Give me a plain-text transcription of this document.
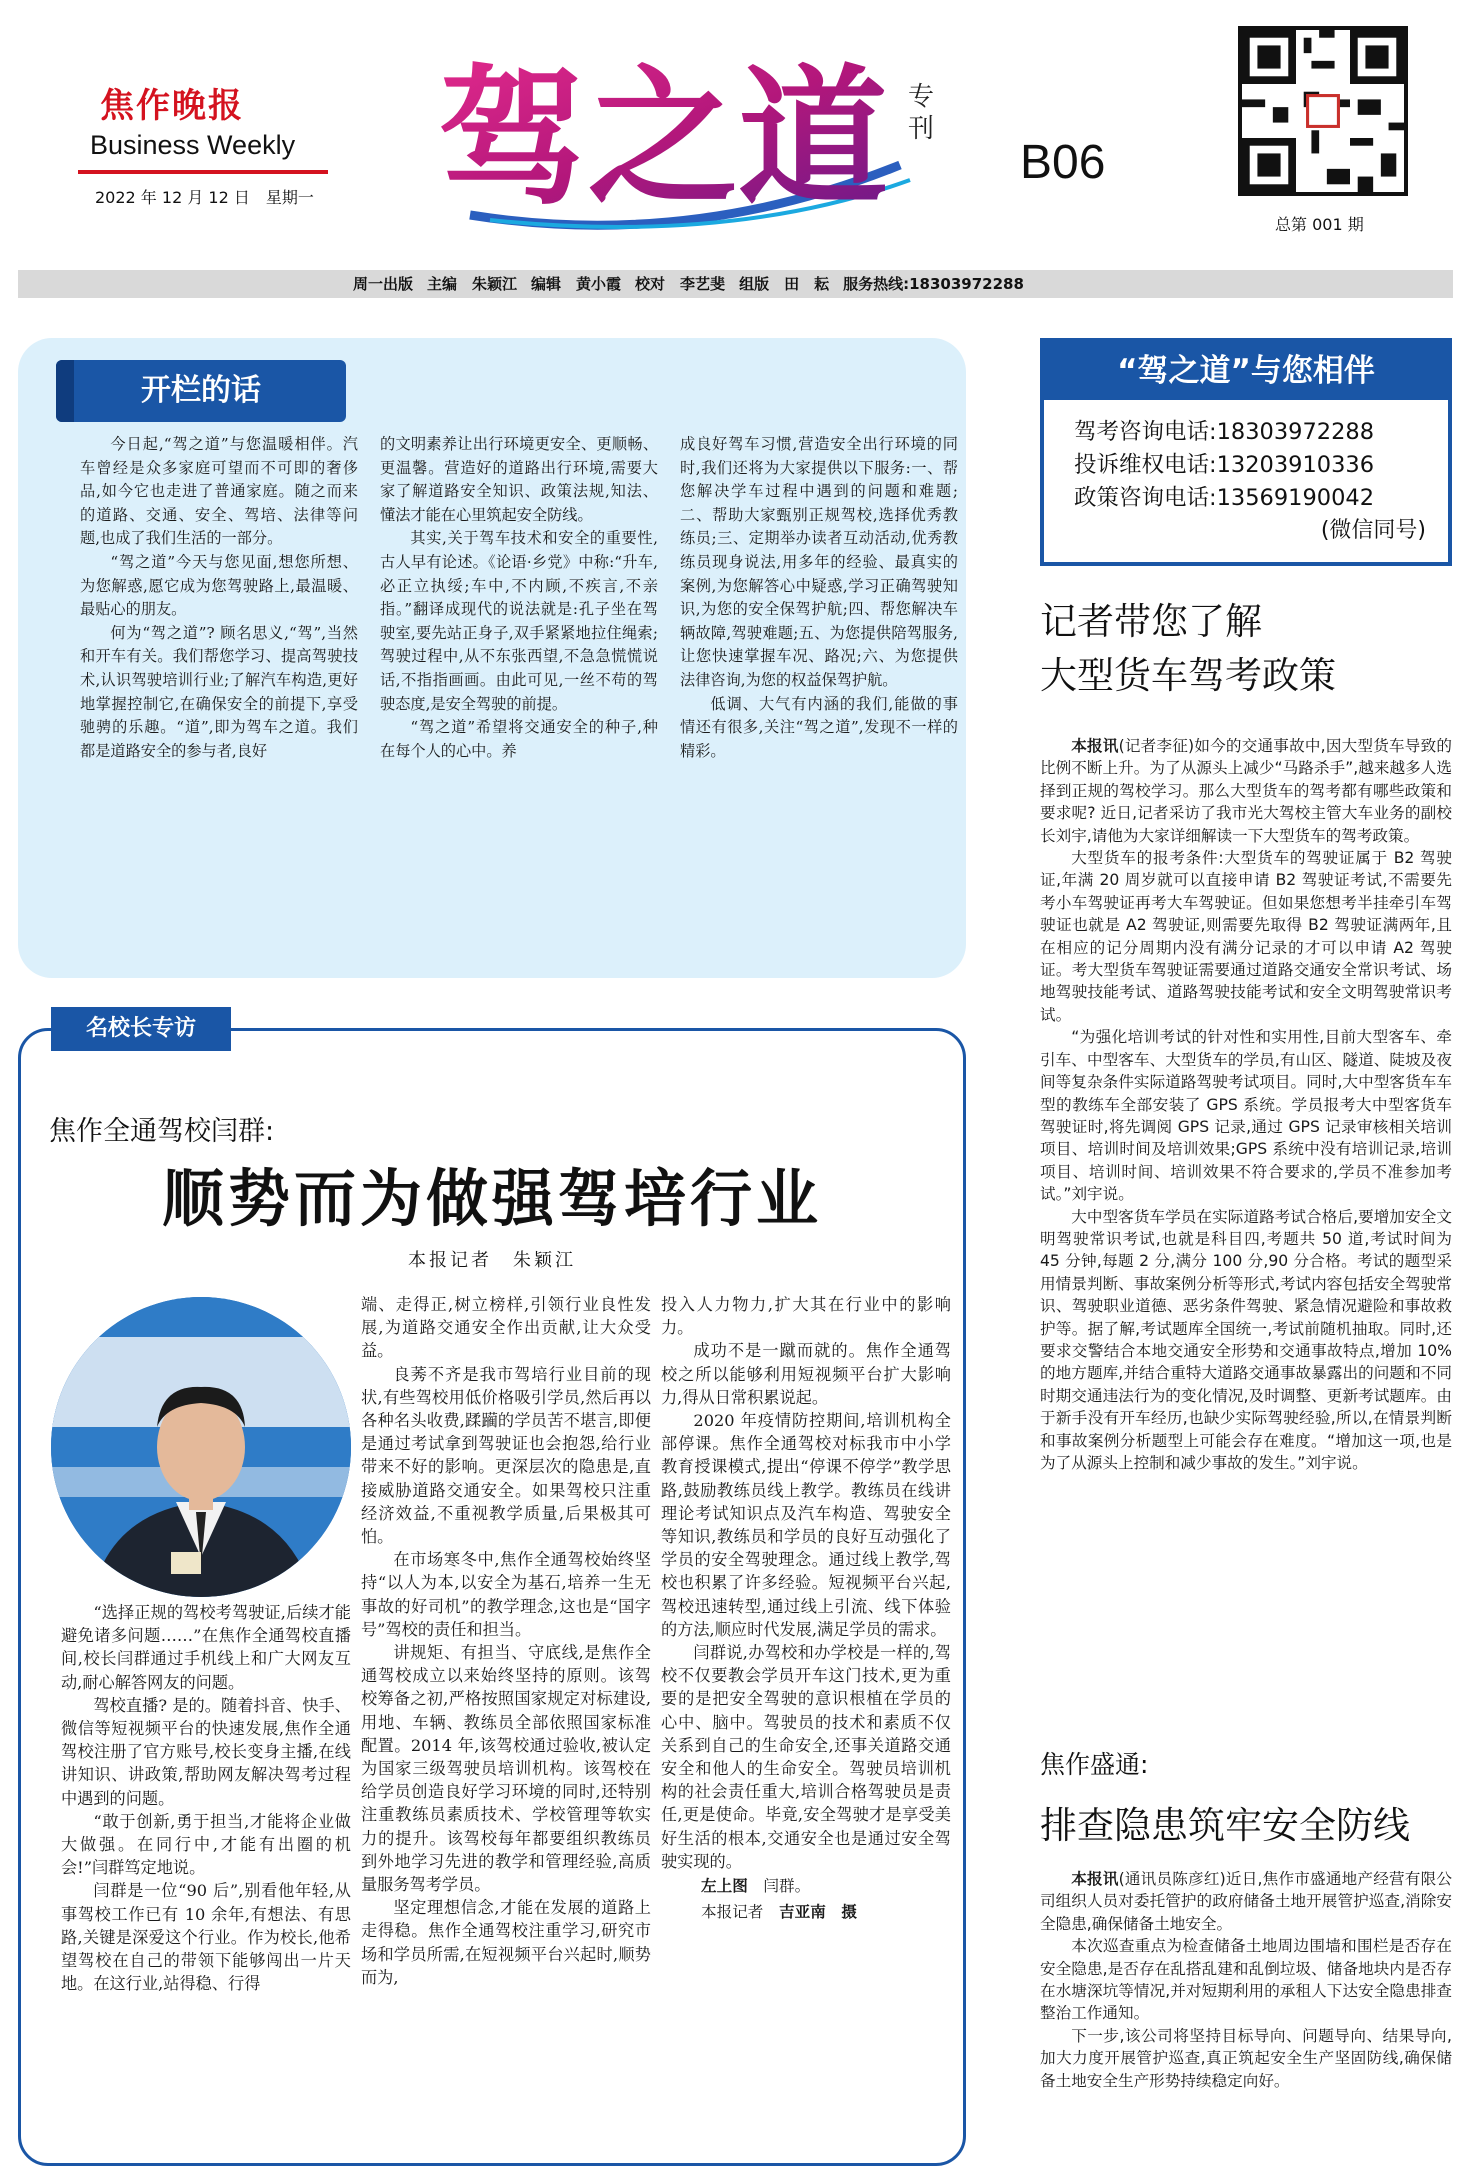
焦作晚报
Business Weekly
2022 年 12 月 12 日　星期一 驾之道 专
刊
B06
总第 001 期
周一出版 主编　朱颖江 编辑　黄小霞 校对　李艺斐 组版　田　耘 服务热线:18303972288
开栏的话

今日起,“驾之道”与您温暖相伴。汽车曾经是众多家庭可望而不可即的奢侈品,如今它也走进了普通家庭。随之而来的道路、交通、安全、驾培、法律等问题,也成了我们生活的一部分。

“驾之道”今天与您见面,想您所想、为您解惑,愿它成为您驾驶路上,最温暖、最贴心的朋友。

何为“驾之道”? 顾名思义,“驾”,当然和开车有关。我们帮您学习、提高驾驶技术,认识驾驶培训行业;了解汽车构造,更好地掌握控制它,在确保安全的前提下,享受驰骋的乐趣。“道”,即为驾车之道。我们都是道路安全的参与者,良好

的文明素养让出行环境更安全、更顺畅、更温馨。营造好的道路出行环境,需要大家了解道路安全知识、政策法规,知法、懂法才能在心里筑起安全防线。

其实,关于驾车技术和安全的重要性,古人早有论述。《论语·乡党》中称:“升车,必正立执绥;车中,不内顾,不疾言,不亲指。”翻译成现代的说法就是:孔子坐在驾驶室,要先站正身子,双手紧紧地拉住绳索;驾驶过程中,从不东张西望,不急急慌慌说话,不指指画画。由此可见,一丝不苟的驾驶态度,是安全驾驶的前提。

“驾之道”希望将交通安全的种子,种在每个人的心中。养

成良好驾车习惯,营造安全出行环境的同时,我们还将为大家提供以下服务:一、帮您解决学车过程中遇到的问题和难题;二、帮助大家甄别正规驾校,选择优秀教练员;三、定期举办读者互动活动,优秀教练员现身说法,用多年的经验、最真实的案例,为您解答心中疑惑,学习正确驾驶知识,为您的安全保驾护航;四、帮您解决车辆故障,驾驶难题;五、为您提供陪驾服务,让您快速掌握车况、路况;六、为您提供法律咨询,为您的权益保驾护航。

低调、大气有内涵的我们,能做的事情还有很多,关注“驾之道”,发现不一样的精彩。

“驾之道”与您相伴
驾考咨询电话:18303972288
投诉维权电话:13203910336
政策咨询电话:13569190042
(微信同号)
记者带您了解
大型货车驾考政策

本报讯(记者李征)如今的交通事故中,因大型货车导致的比例不断上升。为了从源头上减少“马路杀手”,越来越多人选择到正规的驾校学习。那么大型货车的驾考都有哪些政策和要求呢? 近日,记者采访了我市光大驾校主管大车业务的副校长刘宇,请他为大家详细解读一下大型货车的驾考政策。

大型货车的报考条件:大型货车的驾驶证属于 B2 驾驶证,年满 20 周岁就可以直接申请 B2 驾驶证考试,不需要先考小车驾驶证再考大车驾驶证。但如果您想考半挂牵引车驾驶证也就是 A2 驾驶证,则需要先取得 B2 驾驶证满两年,且在相应的记分周期内没有满分记录的才可以申请 A2 驾驶证。考大型货车驾驶证需要通过道路交通安全常识考试、场地驾驶技能考试、道路驾驶技能考试和安全文明驾驶常识考试。

“为强化培训考试的针对性和实用性,目前大型客车、牵引车、中型客车、大型货车的学员,有山区、隧道、陡坡及夜间等复杂条件实际道路驾驶考试项目。同时,大中型客货车车型的教练车全部安装了 GPS 系统。学员报考大中型客货车驾驶证时,将先调阅 GPS 记录,通过 GPS 记录审核相关培训项目、培训时间及培训效果;GPS 系统中没有培训记录,培训项目、培训时间、培训效果不符合要求的,学员不准参加考试。”刘宇说。

大中型客货车学员在实际道路考试合格后,要增加安全文明驾驶常识考试,也就是科目四,考题共 50 道,考试时间为 45 分钟,每题 2 分,满分 100 分,90 分合格。考试的题型采用情景判断、事故案例分析等形式,考试内容包括安全驾驶常识、驾驶职业道德、恶劣条件驾驶、紧急情况避险和事故救护等。据了解,考试题库全国统一,考试前随机抽取。同时,还要求交警结合本地交通安全形势和交通事故特点,增加 10% 的地方题库,并结合重特大道路交通事故暴露出的问题和不同时期交通违法行为的变化情况,及时调整、更新考试题库。由于新手没有开车经历,也缺少实际驾驶经验,所以,在情景判断和事故案例分析题型上可能会存在难度。“增加这一项,也是为了从源头上控制和减少事故的发生。”刘宇说。

焦作盛通:
排查隐患筑牢安全防线

本报讯(通讯员陈彦红)近日,焦作市盛通地产经营有限公司组织人员对委托管护的政府储备土地开展管护巡查,消除安全隐患,确保储备土地安全。

本次巡查重点为检查储备土地周边围墙和围栏是否存在安全隐患,是否存在乱搭乱建和乱倒垃圾、储备地块内是否存在水塘深坑等情况,并对短期利用的承租人下达安全隐患排查整治工作通知。

下一步,该公司将坚持目标导向、问题导向、结果导向,加大力度开展管护巡查,真正筑起安全生产坚固防线,确保储备土地安全生产形势持续稳定向好。

名校长专访
焦作全通驾校闫群:
顺势而为做强驾培行业
本报记者　朱颖江

“选择正规的驾校考驾驶证,后续才能避免诸多问题……”在焦作全通驾校直播间,校长闫群通过手机线上和广大网友互动,耐心解答网友的问题。

驾校直播? 是的。随着抖音、快手、微信等短视频平台的快速发展,焦作全通驾校注册了官方账号,校长变身主播,在线讲知识、讲政策,帮助网友解决驾考过程中遇到的问题。

“敢于创新,勇于担当,才能将企业做大做强。在同行中,才能有出圈的机会!”闫群笃定地说。

闫群是一位“90 后”,别看他年轻,从事驾校工作已有 10 余年,有想法、有思路,关键是深爱这个行业。作为校长,他希望驾校在自己的带领下能够闯出一片天地。在这行业,站得稳、行得

端、走得正,树立榜样,引领行业良性发展,为道路交通安全作出贡献,让大众受益。

良莠不齐是我市驾培行业目前的现状,有些驾校用低价格吸引学员,然后再以各种名头收费,蹂躏的学员苦不堪言,即便是通过考试拿到驾驶证也会抱怨,给行业带来不好的影响。更深层次的隐患是,直接威胁道路交通安全。如果驾校只注重经济效益,不重视教学质量,后果极其可怕。

在市场寒冬中,焦作全通驾校始终坚持“以人为本,以安全为基石,培养一生无事故的好司机”的教学理念,这也是“国字号”驾校的责任和担当。

讲规矩、有担当、守底线,是焦作全通驾校成立以来始终坚持的原则。该驾校筹备之初,严格按照国家规定对标建设,用地、车辆、教练员全部依照国家标准配置。2014 年,该驾校通过验收,被认定为国家三级驾驶员培训机构。该驾校在给学员创造良好学习环境的同时,还特别注重教练员素质技术、学校管理等软实力的提升。该驾校每年都要组织教练员到外地学习先进的教学和管理经验,高质量服务驾考学员。

坚定理想信念,才能在发展的道路上走得稳。焦作全通驾校注重学习,研究市场和学员所需,在短视频平台兴起时,顺势而为,

投入人力物力,扩大其在行业中的影响力。

成功不是一蹴而就的。焦作全通驾校之所以能够利用短视频平台扩大影响力,得从日常积累说起。

2020 年疫情防控期间,培训机构全部停课。焦作全通驾校对标我市中小学教育授课模式,提出“停课不停学”教学思路,鼓励教练员线上教学。教练员在线讲理论考试知识点及汽车构造、驾驶安全等知识,教练员和学员的良好互动强化了学员的安全驾驶理念。通过线上教学,驾校也积累了许多经验。短视频平台兴起,驾校迅速转型,通过线上引流、线下体验的方法,顺应时代发展,满足学员的需求。

闫群说,办驾校和办学校是一样的,驾校不仅要教会学员开车这门技术,更为重要的是把安全驾驶的意识根植在学员的心中、脑中。驾驶员的技术和素质不仅关系到自己的生命安全,还事关道路交通安全和他人的生命安全。驾驶员培训机构的社会责任重大,培训合格驾驶员是责任,更是使命。毕竟,安全驾驶才是享受美好生活的根本,交通安全也是通过安全驾驶实现的。

左上图　 闫群。
本报记者　 吉亚南　摄
